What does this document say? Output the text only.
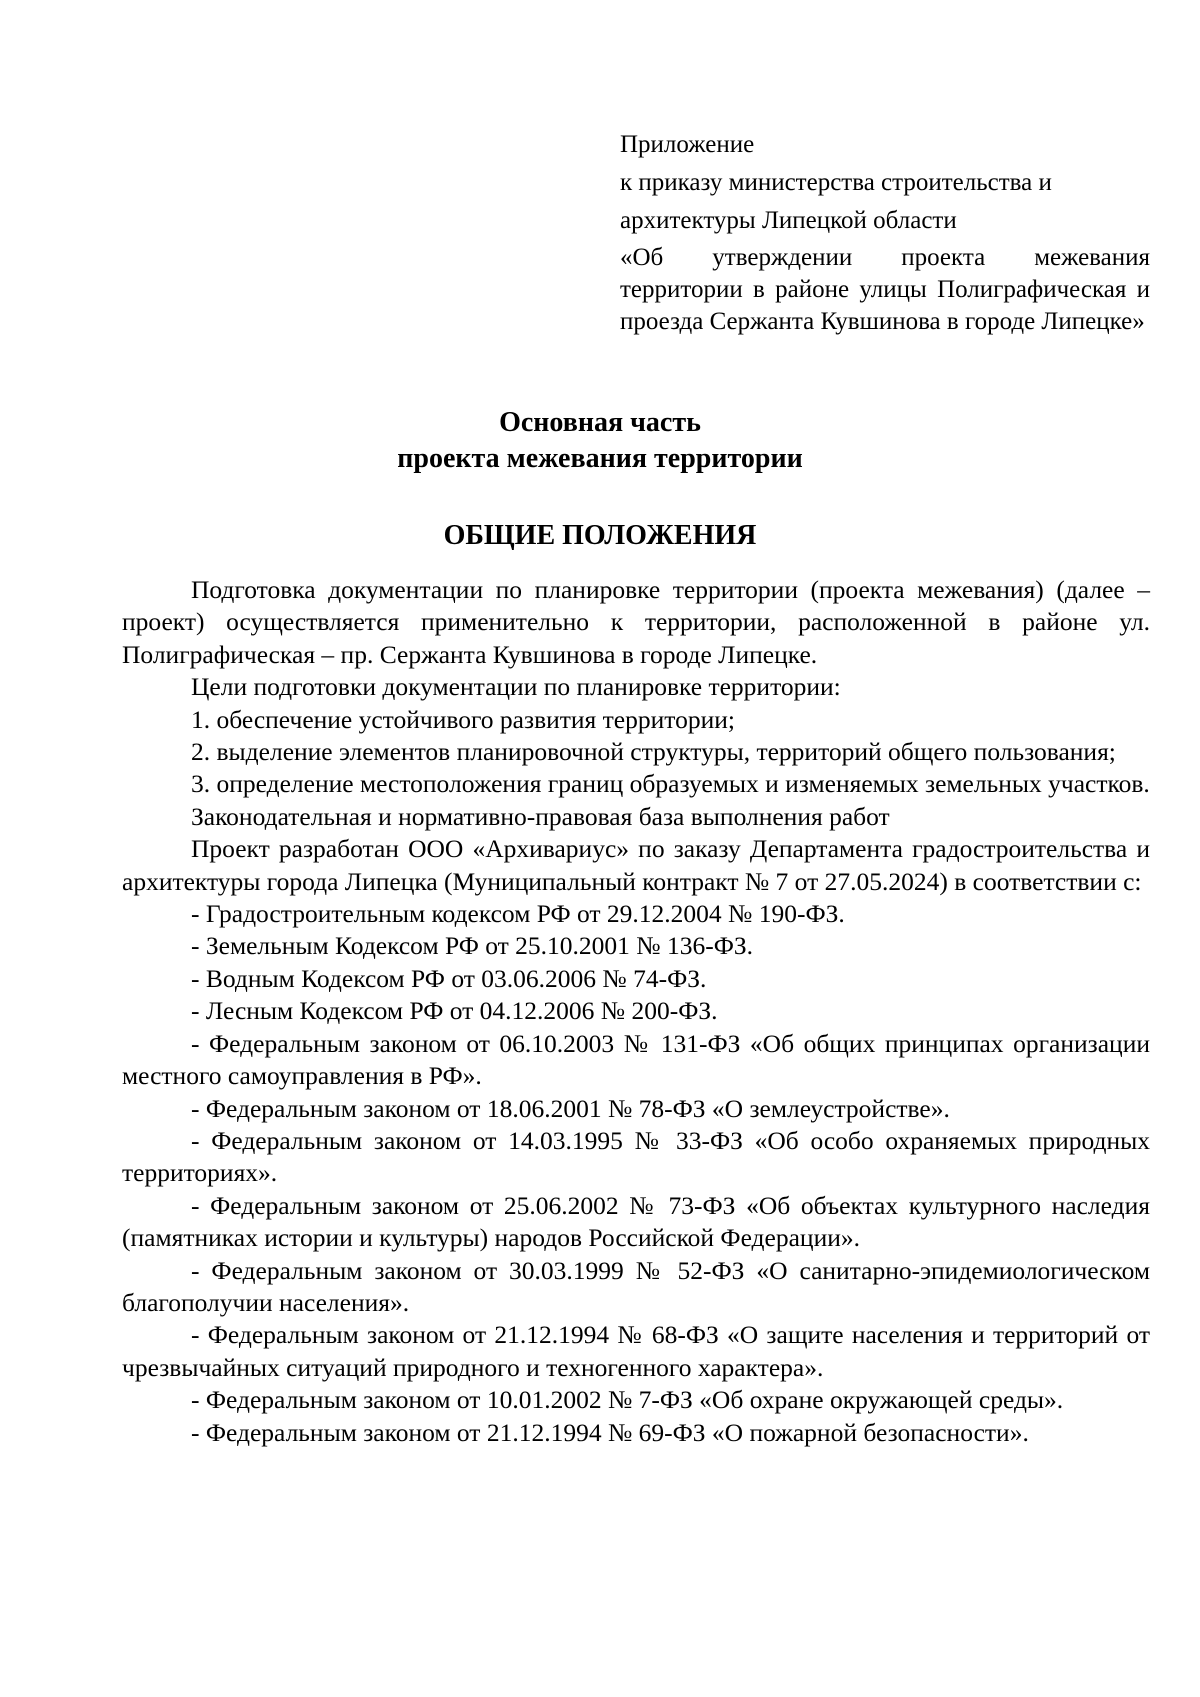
Приложение
к приказу министерства строительства и
архитектуры Липецкой области
«Об утверждении проекта межевания территории в районе улицы Полиграфическая и проезда Сержанта Кувшинова в городе Липецке»
Основная часть
проекта межевания территории
ОБЩИЕ ПОЛОЖЕНИЯ

Подготовка документации по планировке территории (проекта межевания) (далее – проект) осуществляется применительно к территории, расположенной в районе ул. Полиграфическая – пр. Сержанта Кувшинова в городе Липецке.

Цели подготовки документации по планировке территории:

1. обеспечение устойчивого развития территории;

2. выделение элементов планировочной структуры, территорий общего пользования;

3. определение местоположения границ образуемых и изменяемых земельных участков.

Законодательная и нормативно-правовая база выполнения работ

Проект разработан ООО «Архивариус» по заказу Департамента градостроительства и архитектуры города Липецка (Муниципальный контракт № 7 от 27.05.2024) в соответствии с:

- Градостроительным кодексом РФ от 29.12.2004 № 190-ФЗ.

- Земельным Кодексом РФ от 25.10.2001 № 136-ФЗ.

- Водным Кодексом РФ от 03.06.2006 № 74-ФЗ.

- Лесным Кодексом РФ от 04.12.2006 № 200-ФЗ.

- Федеральным законом от 06.10.2003 № 131-ФЗ «Об общих принципах организации местного самоуправления в РФ».

- Федеральным законом от 18.06.2001 № 78-ФЗ «О землеустройстве».

- Федеральным законом от 14.03.1995 № 33-ФЗ «Об особо охраняемых природных территориях».

- Федеральным законом от 25.06.2002 № 73-ФЗ «Об объектах культурного наследия (памятниках истории и культуры) народов Российской Федерации».

- Федеральным законом от 30.03.1999 № 52-ФЗ «О санитарно-эпидемиологическом благополучии населения».

- Федеральным законом от 21.12.1994 № 68-ФЗ «О защите населения и территорий от чрезвычайных ситуаций природного и техногенного характера».

- Федеральным законом от 10.01.2002 № 7-ФЗ «Об охране окружающей среды».

- Федеральным законом от 21.12.1994 № 69-ФЗ «О пожарной безопасности».
